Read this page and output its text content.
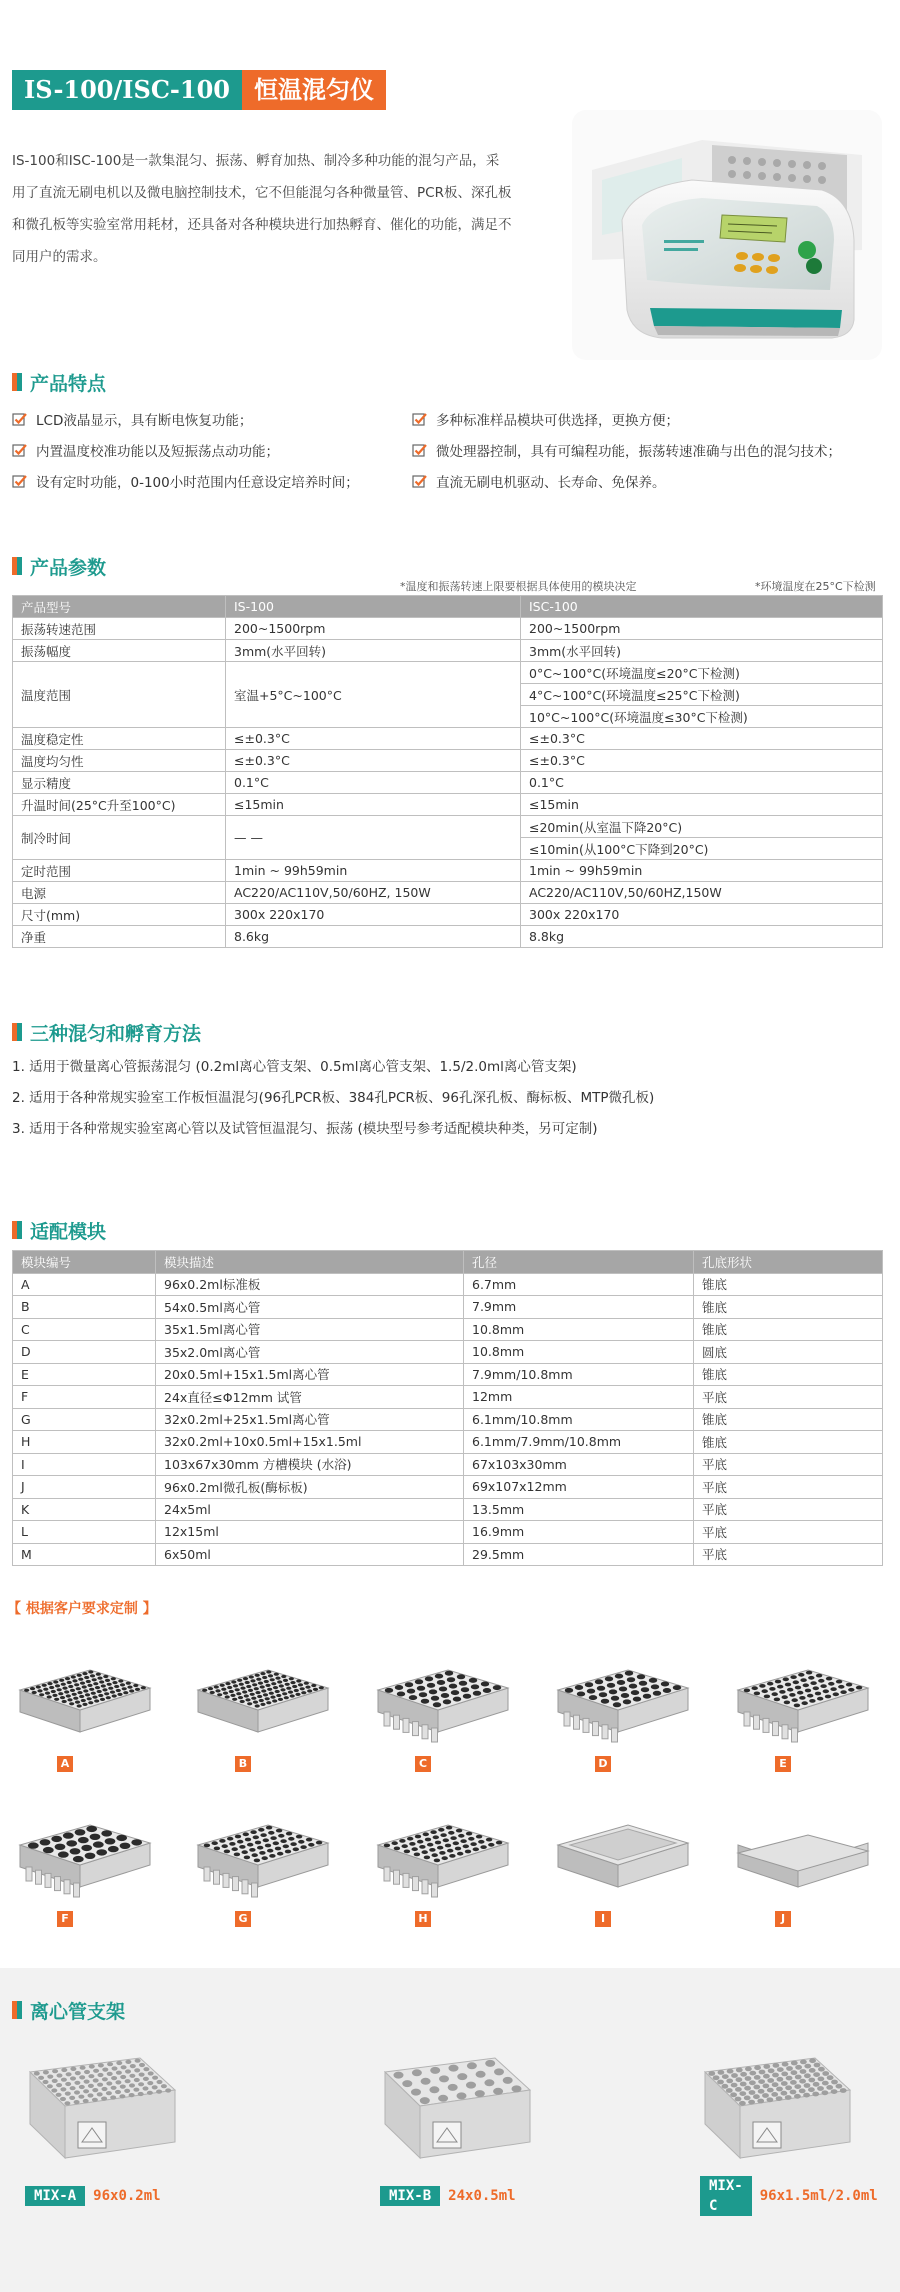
IS-100/ISC-100	恒温混匀仪

IS-100和ISC-100是一款集混匀、振荡、孵育加热、制冷多种功能的混匀产品，采用了直流无刷电机以及微电脑控制技术，它不但能混匀各种微量管、PCR板、深孔板和微孔板等实验室常用耗材，还具备对各种模块进行加热孵育、催化的功能，满足不同用户的需求。

产品特点
LCD液晶显示，具有断电恢复功能；	多种标准样品模块可供选择，更换方便；
内置温度校准功能以及短振荡点动功能；	微处理器控制，具有可编程功能，振荡转速准确与出色的混匀技术；
设有定时功能，0-100小时范围内任意设定培养时间；	直流无刷电机驱动、长寿命、免保养。
产品参数
*温度和振荡转速上限要根据具体使用的模块决定	*环境温度在25°C下检测
产品型号	IS-100	ISC-100
振荡转速范围	200~1500rpm	200~1500rpm
振荡幅度	3mm(水平回转)	3mm(水平回转)
温度范围	室温+5°C~100°C	0°C~100°C(环境温度≤20°C下检测)
		4°C~100°C(环境温度≤25°C下检测)
		10°C~100°C(环境温度≤30°C下检测)
温度稳定性	≤±0.3°C	≤±0.3°C
温度均匀性	≤±0.3°C	≤±0.3°C
显示精度	0.1°C	0.1°C
升温时间(25°C升至100°C)	≤15min	≤15min
制冷时间	— —	≤20min(从室温下降20°C)
		≤10min(从100°C下降到20°C)
定时范围	1min ~ 99h59min	1min ~ 99h59min
电源	AC220/AC110V,50/60HZ, 150W	AC220/AC110V,50/60HZ,150W
尺寸(mm)	300x 220x170	300x 220x170
净重	8.6kg	8.8kg
三种混匀和孵育方法
1. 适用于微量离心管振荡混匀 (0.2ml离心管支架、0.5ml离心管支架、1.5/2.0ml离心管支架)
2. 适用于各种常规实验室工作板恒温混匀(96孔PCR板、384孔PCR板、96孔深孔板、酶标板、MTP微孔板)
3. 适用于各种常规实验室离心管以及试管恒温混匀、振荡 (模块型号参考适配模块种类，另可定制)
适配模块
模块编号	模块描述	孔径	孔底形状
A	96x0.2ml标准板	6.7mm	锥底
B	54x0.5ml离心管	7.9mm	锥底
C	35x1.5ml离心管	10.8mm	锥底
D	35x2.0ml离心管	10.8mm	圆底
E	20x0.5ml+15x1.5ml离心管	7.9mm/10.8mm	锥底
F	24x直径≤Φ12mm 试管	12mm	平底
G	32x0.2ml+25x1.5ml离心管	6.1mm/10.8mm	锥底
H	32x0.2ml+10x0.5ml+15x1.5ml	6.1mm/7.9mm/10.8mm	锥底
I	103x67x30mm 方槽模块 (水浴)	67x103x30mm	平底
J	96x0.2ml微孔板(酶标板)	69x107x12mm	平底
K	24x5ml	13.5mm	平底
L	12x15ml	16.9mm	平底
M	6x50ml	29.5mm	平底
【 根据客户要求定制 】
A	B	C	D	E
F	G	H	I	J
离心管支架
MIX-A	96x0.2ml	MIX-B	24x0.5ml
MIX-C
96x1.5ml/2.0ml
